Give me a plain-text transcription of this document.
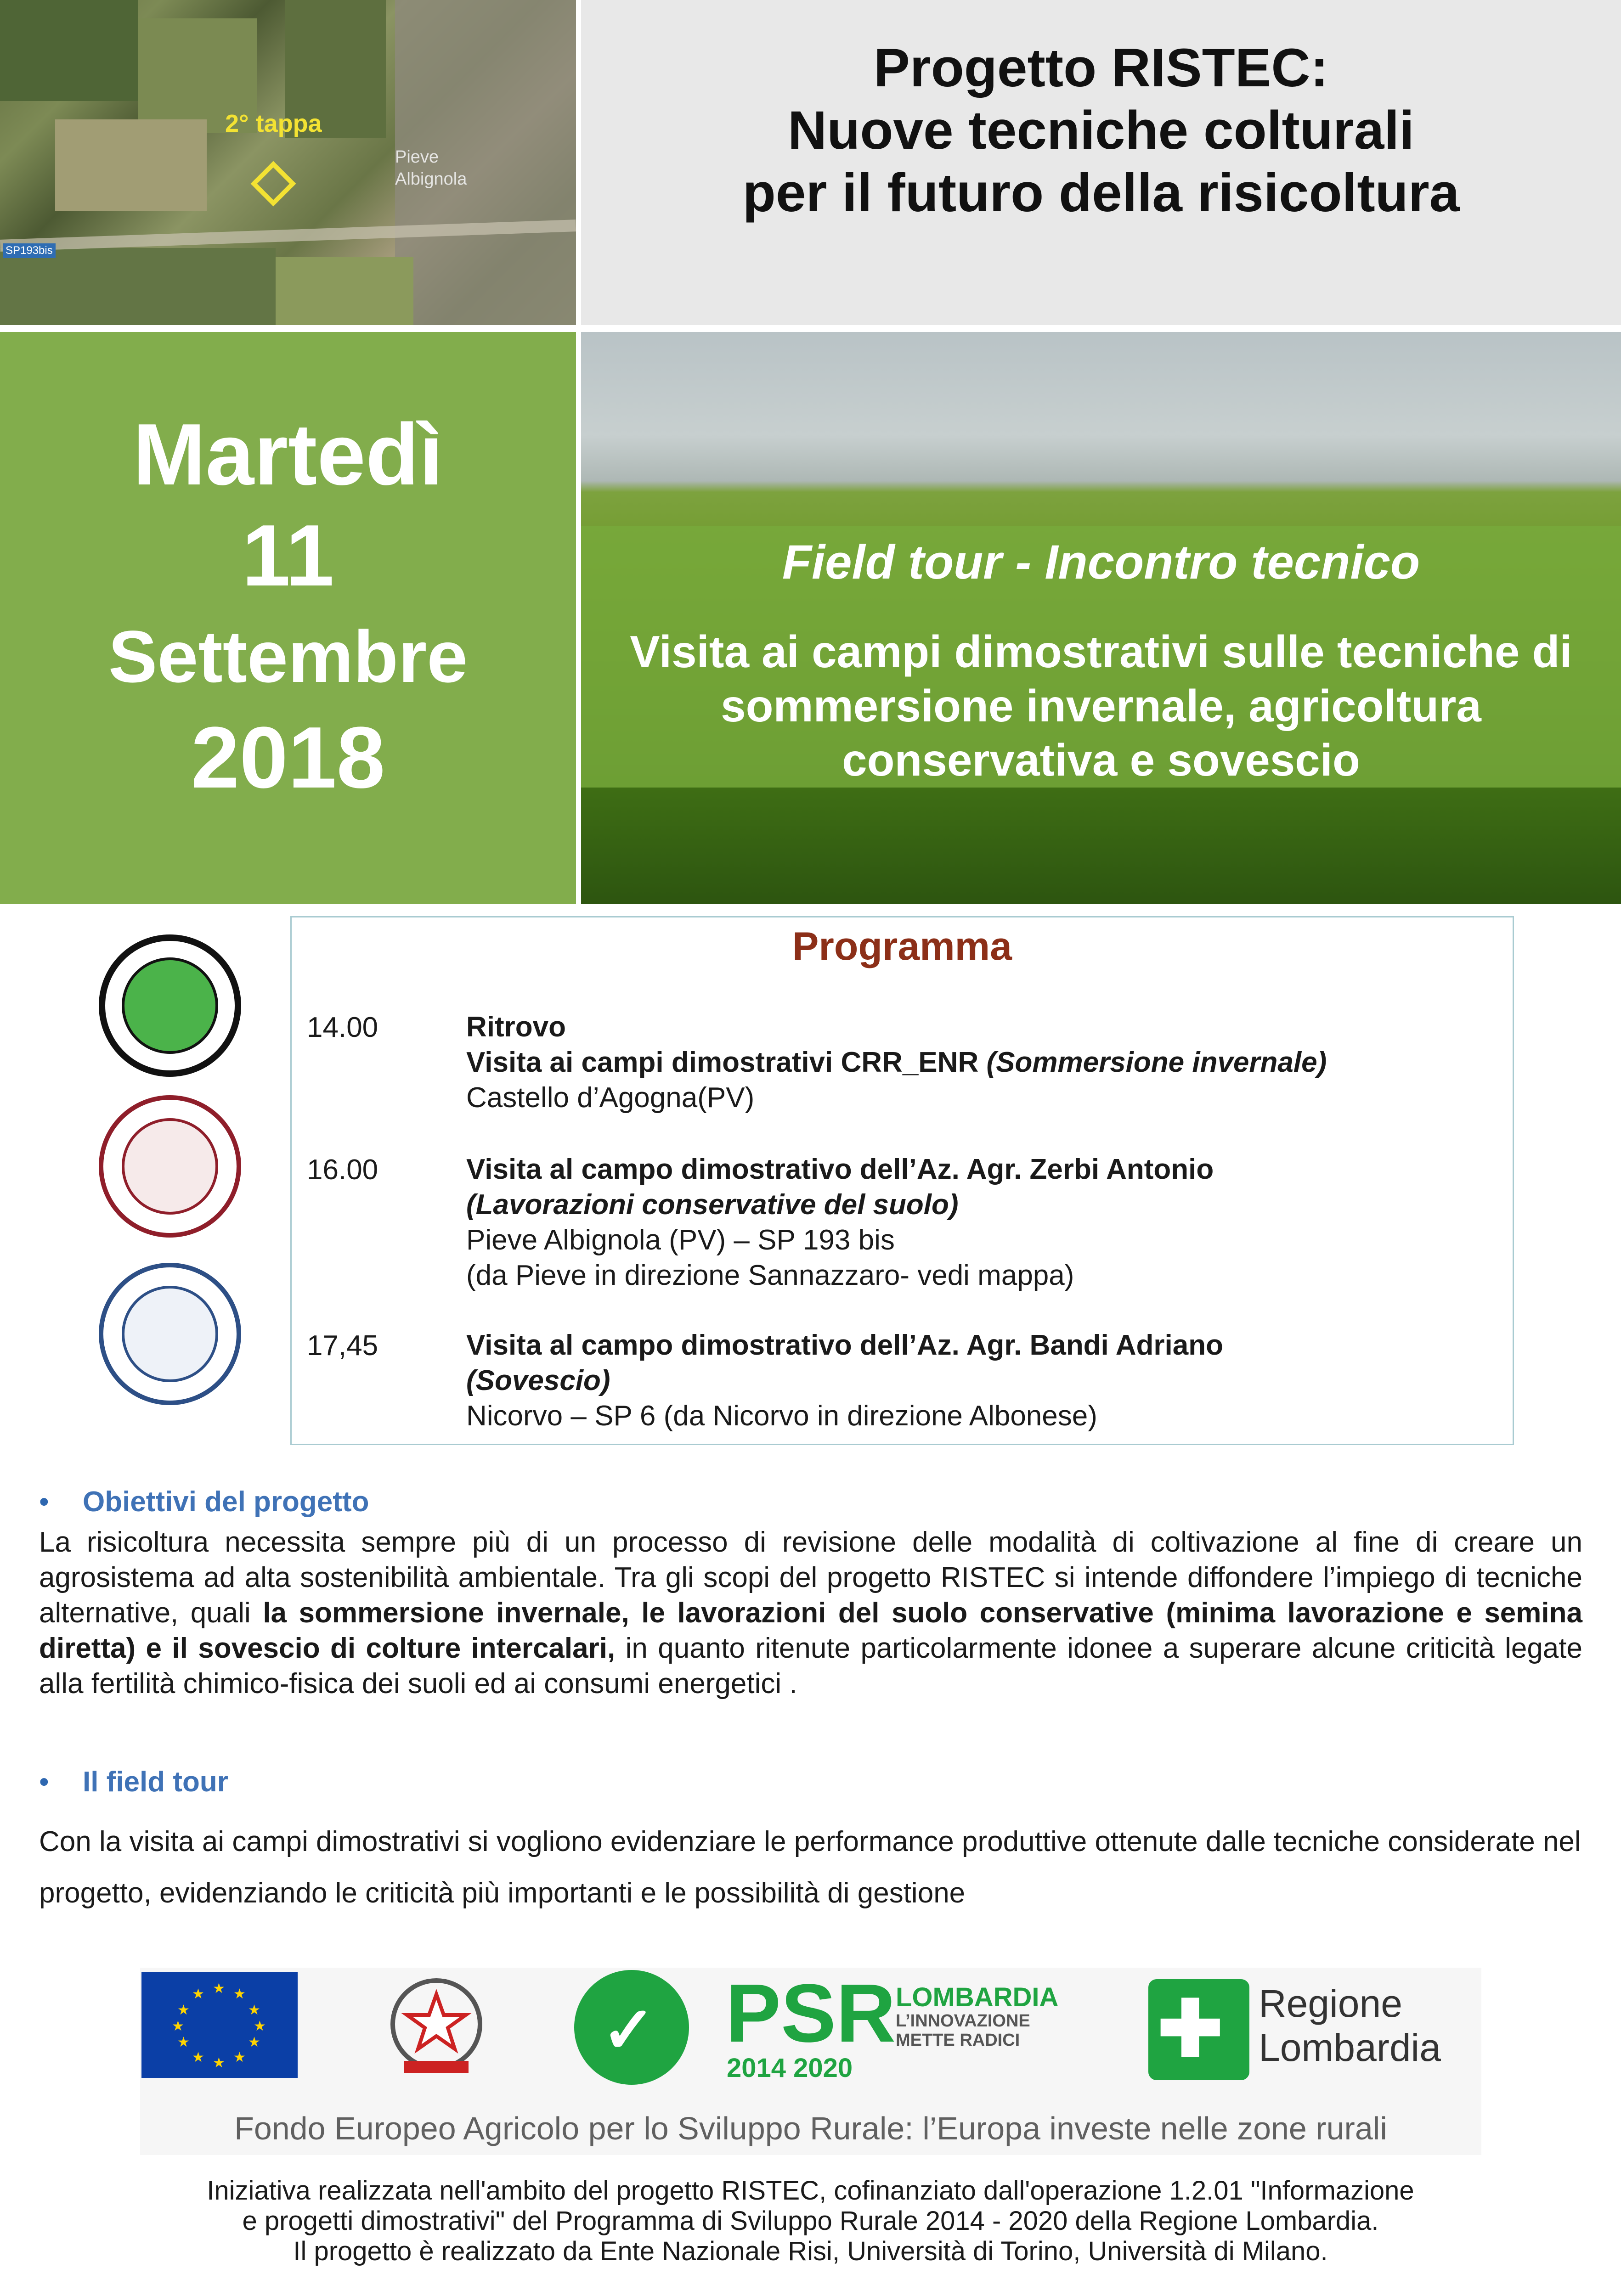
2° tappa
Pieve
Albignola
SP193bis
Progetto RISTEC:
Nuove tecniche colturali
per il futuro della risicoltura
Martedì
11
Settembre
2018
Field tour - Incontro tecnico
Visita ai campi dimostrativi sulle tecniche di
sommersione invernale, agricoltura
conservativa e sovescio
Programma
14.00	Ritrovo
Visita ai campi dimostrativi CRR_ENR (Sommersione invernale)
Castello d’Agogna(PV)
16.00	Visita al campo dimostrativo dell’Az. Agr. Zerbi Antonio
(Lavorazioni conservative del suolo)
Pieve Albignola (PV) – SP 193 bis
(da Pieve in direzione Sannazzaro- vedi mappa)
17,45	Visita al campo dimostrativo dell’Az. Agr. Bandi Adriano
(Sovescio)
Nicorvo – SP 6 (da Nicorvo in direzione Albonese)
• Obiettivi del progetto
La risicoltura necessita sempre più di un processo di revisione delle modalità di coltivazione al fine di creare un agrosistema ad alta sostenibilità ambientale. Tra gli scopi del progetto RISTEC si intende diffondere l’impiego di tecniche alternative, quali la sommersione invernale, le lavorazioni del suolo conservative (minima lavorazione e semina diretta) e il sovescio di colture intercalari, in quanto ritenute particolarmente idonee a superare alcune criticità legate alla fertilità chimico-fisica dei suoli ed ai consumi energetici .
• Il field tour
Con la visita ai campi dimostrativi si vogliono evidenziare le performance produttive ottenute dalle tecniche considerate nel progetto, evidenziando le criticità più importanti e le possibilità di gestione
★ ★
★
★
★
★
★
★
★
★
★
★	✓ PSR
2014 2020
LOMBARDIA
L’INNOVAZIONE
METTE RADICI ✚ Regione
Lombardia
Fondo Europeo Agricolo per lo Sviluppo Rurale: l’Europa investe nelle zone rurali
Iniziativa realizzata nell'ambito del progetto RISTEC, cofinanziato dall'operazione 1.2.01 "Informazione
e progetti dimostrativi" del Programma di Sviluppo Rurale 2014 - 2020 della Regione Lombardia.
Il progetto è realizzato da Ente Nazionale Risi, Università di Torino, Università di Milano.
